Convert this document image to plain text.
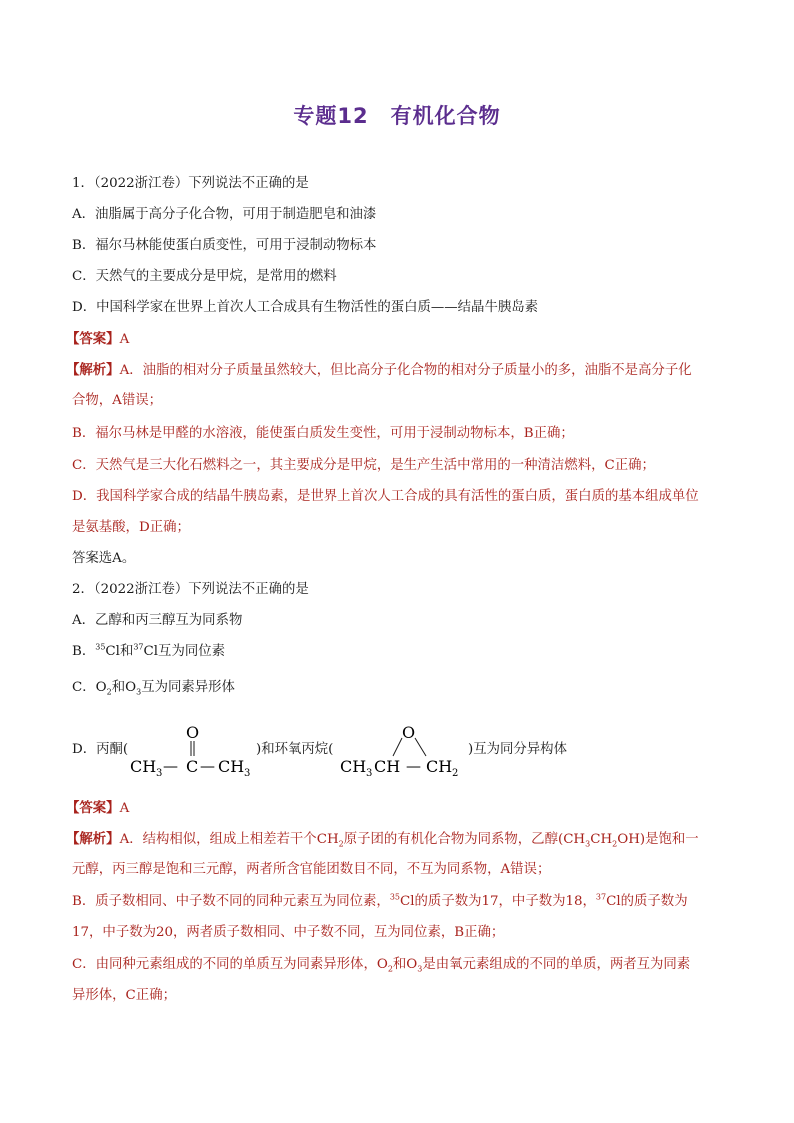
专题12 有机化合物
1．（2022浙江卷）下列说法不正确的是
A．油脂属于高分子化合物，可用于制造肥皂和油漆
B．福尔马林能使蛋白质变性，可用于浸制动物标本
C．天然气的主要成分是甲烷，是常用的燃料
D．中国科学家在世界上首次人工合成具有生物活性的蛋白质——结晶牛胰岛素
【答案】A
【解析】A．油脂的相对分子质量虽然较大，但比高分子化合物的相对分子质量小的多，油脂不是高分子化
合物，A错误；
B．福尔马林是甲醛的水溶液，能使蛋白质发生变性，可用于浸制动物标本，B正确；
C．天然气是三大化石燃料之一，其主要成分是甲烷，是生产生活中常用的一种清洁燃料，C正确；
D．我国科学家合成的结晶牛胰岛素，是世界上首次人工合成的具有活性的蛋白质，蛋白质的基本组成单位
是氨基酸，D正确；
答案选A。
2．（2022浙江卷）下列说法不正确的是
A．乙醇和丙三醇互为同系物
B．$^{35}$Cl和$^{37}$Cl互为同位素
C．$O_2$和$O_3$互为同素异形体
D．丙酮(
O
CH 3 — C — CH 3
)和环氧丙烷(
O
CH 3 CH — CH 2
)互为同分异构体
【答案】A
【解析】A．结构相似，组成上相差若干个$CH_2$原子团的有机化合物为同系物，乙醇$(CH_3CH_2OH)$是饱和一
元醇，丙三醇是饱和三元醇，两者所含官能团数目不同，不互为同系物，A错误；
B．质子数相同、中子数不同的同种元素互为同位素，$^{35}$Cl的质子数为17，中子数为18，$^{37}$Cl的质子数为
17，中子数为20，两者质子数相同、中子数不同，互为同位素，B正确；
C．由同种元素组成的不同的单质互为同素异形体，$O_2$和$O_3$是由氧元素组成的不同的单质，两者互为同素
异形体，C正确；
